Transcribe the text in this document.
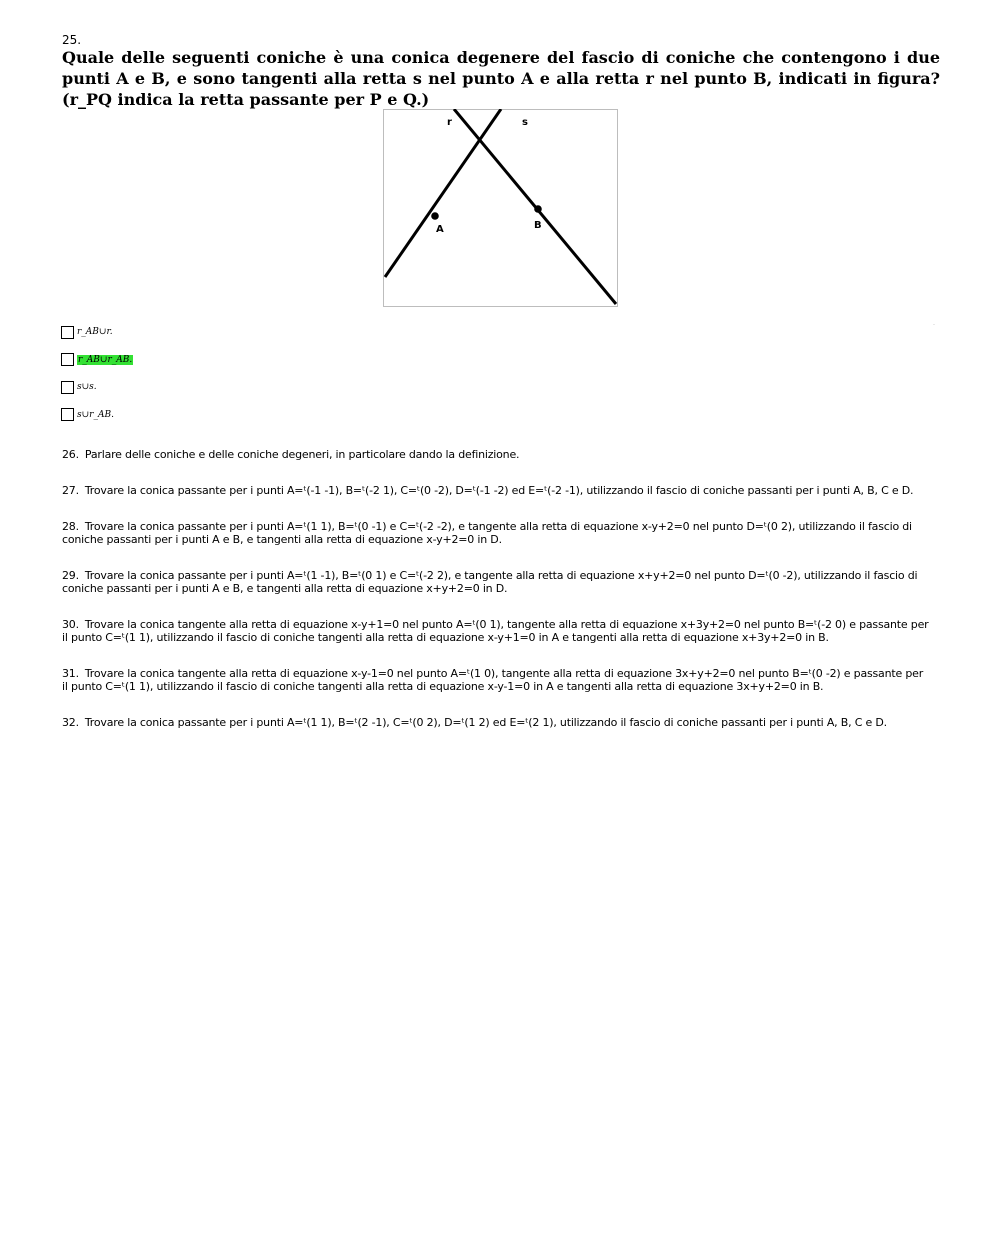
25.
Quale delle seguenti coniche è una conica degenere del fascio di coniche che contengono i due punti A e B, e sono tangenti alla retta s nel punto A e alla retta r nel punto B, indicati in figura? (r_PQ indica la retta passante per P e Q.)
r	s
A	B
r_AB∪r.
r_AB∪r_AB.
s∪s.
s∪r_AB.
·
26. Parlare delle coniche e delle coniche degeneri, in particolare dando la definizione.
27. Trovare la conica passante per i punti A=ᵗ(-1 -1), B=ᵗ(-2 1), C=ᵗ(0 -2), D=ᵗ(-1 -2) ed E=ᵗ(-2 -1), utilizzando il fascio di coniche passanti per i punti A, B, C e D.
28. Trovare la conica passante per i punti A=ᵗ(1 1), B=ᵗ(0 -1) e C=ᵗ(-2 -2), e tangente alla retta di equazione x-y+2=0 nel punto D=ᵗ(0 2), utilizzando il fascio di coniche passanti per i punti A e B, e tangenti alla retta di equazione x-y+2=0 in D.
29. Trovare la conica passante per i punti A=ᵗ(1 -1), B=ᵗ(0 1) e C=ᵗ(-2 2), e tangente alla retta di equazione x+y+2=0 nel punto D=ᵗ(0 -2), utilizzando il fascio di coniche passanti per i punti A e B, e tangenti alla retta di equazione x+y+2=0 in D.
30. Trovare la conica tangente alla retta di equazione x-y+1=0 nel punto A=ᵗ(0 1), tangente alla retta di equazione x+3y+2=0 nel punto B=ᵗ(-2 0) e passante per il punto C=ᵗ(1 1), utilizzando il fascio di coniche tangenti alla retta di equazione x-y+1=0 in A e tangenti alla retta di equazione x+3y+2=0 in B.
31. Trovare la conica tangente alla retta di equazione x-y-1=0 nel punto A=ᵗ(1 0), tangente alla retta di equazione 3x+y+2=0 nel punto B=ᵗ(0 -2) e passante per il punto C=ᵗ(1 1), utilizzando il fascio di coniche tangenti alla retta di equazione x-y-1=0 in A e tangenti alla retta di equazione 3x+y+2=0 in B.
32. Trovare la conica passante per i punti A=ᵗ(1 1), B=ᵗ(2 -1), C=ᵗ(0 2), D=ᵗ(1 2) ed E=ᵗ(2 1), utilizzando il fascio di coniche passanti per i punti A, B, C e D.
